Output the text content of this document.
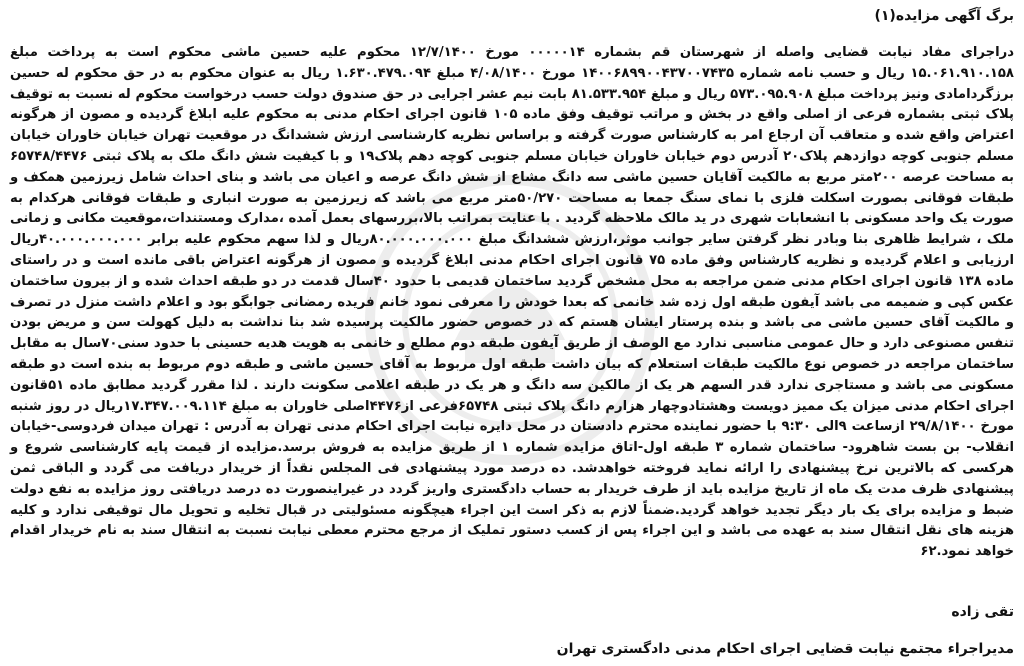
برگ آگهی مزایده(۱)

دراجرای مفاد نیابت قضایی واصله از شهرستان قم بشماره ۰۰۰۰۰۱۴ مورخ ۱۲/۷/۱۴۰۰ محکوم علیه حسین ماشی محکوم است به پرداخت مبلغ ۱۵.۰۶۱.۹۱۰.۱۵۸ ریال و حسب نامه شماره ۱۴۰۰۶۸۹۹۰۰۴۳۷۰۰۷۴۳۵ مورخ ۴/۰۸/۱۴۰۰ مبلغ ۱.۶۳۰.۴۷۹.۰۹۴ ریال به عنوان محکوم به در حق محکوم له حسین برزگردامادی ونیز پرداخت مبلغ ۵۷۳.۰۹۵.۹۰۸ ریال و مبلغ ۸۱.۵۳۳.۹۵۴ بابت نیم عشر اجرایی در حق صندوق دولت حسب درخواست محکوم له نسبت به توقیف پلاک ثبتی بشماره فرعی از اصلی واقع در بخش و مراتب توقیف وفق ماده ۱۰۵ قانون اجرای احکام مدنی به محکوم علیه ابلاغ گردیده و مصون از هرگونه اعتراض واقع شده و متعاقب آن ارجاع امر به کارشناس صورت گرفته و براساس نظریه کارشناسی ارزش ششدانگ در موقعیت تهران خیابان خاوران خیابان مسلم جنوبی کوچه دوازدهم پلاک۲۰ آدرس دوم خیابان خاوران خیابان مسلم جنوبی کوچه دهم پلاک۱۹ و با کیفیت شش دانگ ملک به پلاک ثبتی ۶۵۷۴۸/۴۴۷۶ به مساحت عرصه ۲۰۰متر مربع به مالکیت آقایان حسین ماشی سه دانگ مشاع از شش دانگ عرصه و اعیان می باشد و بنای احداث شامل زیرزمین همکف و طبقات فوقانی بصورت اسکلت فلزی با نمای سنگ جمعا به مساحت ۵۰/۲۷۰متر مربع می باشد که زیرزمین به صورت انباری و طبقات فوقانی هرکدام به صورت یک واحد مسکونی با انشعابات شهری در ید مالک ملاحظه گردید . با عنایت بمراتب بالا،بررسهای بعمل آمده ،مدارک ومستندات،موقعیت مکانی و زمانی ملک ، شرایط ظاهری بنا وبادر نظر گرفتن سایر جوانب موثر،ارزش ششدانگ مبلغ ۸۰.۰۰۰.۰۰۰.۰۰۰ریال و لذا سهم محکوم علیه برابر ۴۰.۰۰۰.۰۰۰.۰۰۰ریال ارزیابی و اعلام گردیده و نظریه کارشناس وفق ماده ۷۵ قانون اجرای احکام مدنی ابلاغ گردیده و مصون از هرگونه اعتراض باقی مانده است و در راستای ماده ۱۳۸ قانون اجرای احکام مدنی ضمن مراجعه به محل مشخص گردید ساختمان قدیمی با حدود ۴۰سال قدمت در دو طبقه احداث شده و از بیرون ساختمان عکس کپی و ضمیمه می باشد آیفون طبقه اول زده شد خانمی که بعدا خودش را معرفی نمود خانم فریده رمضانی جوابگو بود و اعلام داشت منزل در تصرف و مالکیت آقای حسین ماشی می باشد و بنده پرستار ایشان هستم که در خصوص حضور مالکیت پرسیده شد بنا نداشت به دلیل کهولت سن و مریض بودن تنفس مصنوعی دارد و حال عمومی مناسبی ندارد مع الوصف از طریق آیفون طبقه دوم مطلع و خانمی به هویت هدیه حسینی با حدود سنی۷۰سال به مقابل ساختمان مراجعه در خصوص نوع مالکیت طبقات استعلام که بیان داشت طبقه اول مربوط به آقای حسین ماشی و طبقه دوم مربوط به بنده است دو طبقه مسکونی می باشد و مستاجری ندارد قدر السهم هر یک از مالکین سه دانگ و هر یک در طبقه اعلامی سکونت دارند . لذا مقرر گردید مطابق ماده ۵۱قانون اجرای احکام مدنی میزان یک ممیز دویست وهشتادوچهار هزارم دانگ پلاک ثبتی ۶۵۷۴۸فرعی از۴۴۷۶اصلی خاوران به مبلغ ۱۷.۳۴۷.۰۰۹.۱۱۴ریال در روز شنبه مورخ ۲۹/۸/۱۴۰۰ ازساعت ۹الی ۹:۳۰ با حضور نماینده محترم دادستان در محل دایره نیابت اجرای احکام مدنی تهران به آدرس : تهران میدان فردوسی-خیابان انقلاب- بن بست شاهرود- ساختمان شماره ۳ طبقه اول-اتاق مزایده شماره ۱ از طریق مزایده به فروش برسد.مزایده از قیمت پایه کارشناسی شروع و هرکسی که بالاترین نرخ پیشنهادی را ارائه نماید فروخته خواهدشد. ده درصد مورد پیشنهادی فی المجلس نقداً از خریدار دریافت می گردد و الباقی ثمن پیشنهادی ظرف مدت یک ماه از تاریخ مزایده باید از طرف خریدار به حساب دادگستری واریز گردد در غیراینصورت ده درصد دریافتی روز مزایده به نفع دولت ضبط و مزایده برای یک بار دیگر تجدید خواهد گردید.ضمناً لازم به ذکر است این اجراء هیچگونه مسئولیتی در قبال تخلیه و تحویل مال توقیفی ندارد و کلیه هزینه های نقل انتقال سند به عهده می باشد و این اجراء پس از کسب دستور تملیک از مرجع محترم معطی نیابت نسبت به انتقال سند به نام خریدار اقدام خواهد نمود.۶۲

تقی زاده
مدیراجراء مجتمع نیابت قضایی اجرای احکام مدنی دادگستری تهران
